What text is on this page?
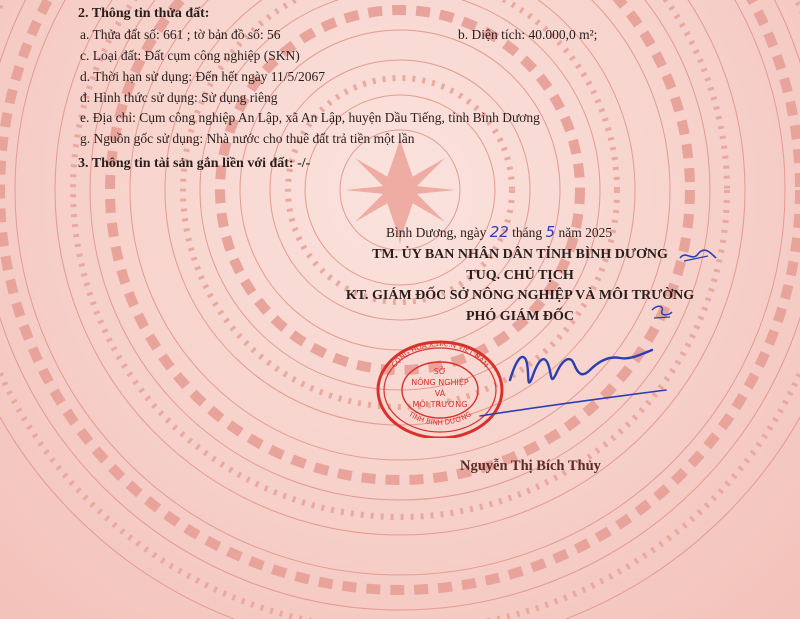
2. Thông tin thửa đất:
a. Thửa đất số: 661 ; tờ bản đồ số: 56	b. Diện tích: 40.000,0 m²;
c. Loại đất: Đất cụm công nghiệp (SKN)
d. Thời hạn sử dụng: Đến hết ngày 11/5/2067
đ. Hình thức sử dụng: Sử dụng riêng
e. Địa chỉ: Cụm công nghiệp An Lập, xã An Lập, huyện Dầu Tiếng, tỉnh Bình Dương
g. Nguồn gốc sử dụng: Nhà nước cho thuê đất trả tiền một lần
3. Thông tin tài sản gắn liền với đất: -/-
Bình Dương, ngày 22 tháng 5 năm 2025
TM. ỦY BAN NHÂN DÂN TỈNH BÌNH DƯƠNG
TUQ. CHỦ TỊCH
KT. GIÁM ĐỐC SỞ NÔNG NGHIỆP VÀ MÔI TRƯỜNG
PHÓ GIÁM ĐỐC
CỘNG HÒA X.H.C.N VIỆT NAM
TỈNH BÌNH DƯƠNG
SỞ
NÔNG NGHIỆP
VÀ
MÔI TRƯỜNG
Nguyễn Thị Bích Thủy
